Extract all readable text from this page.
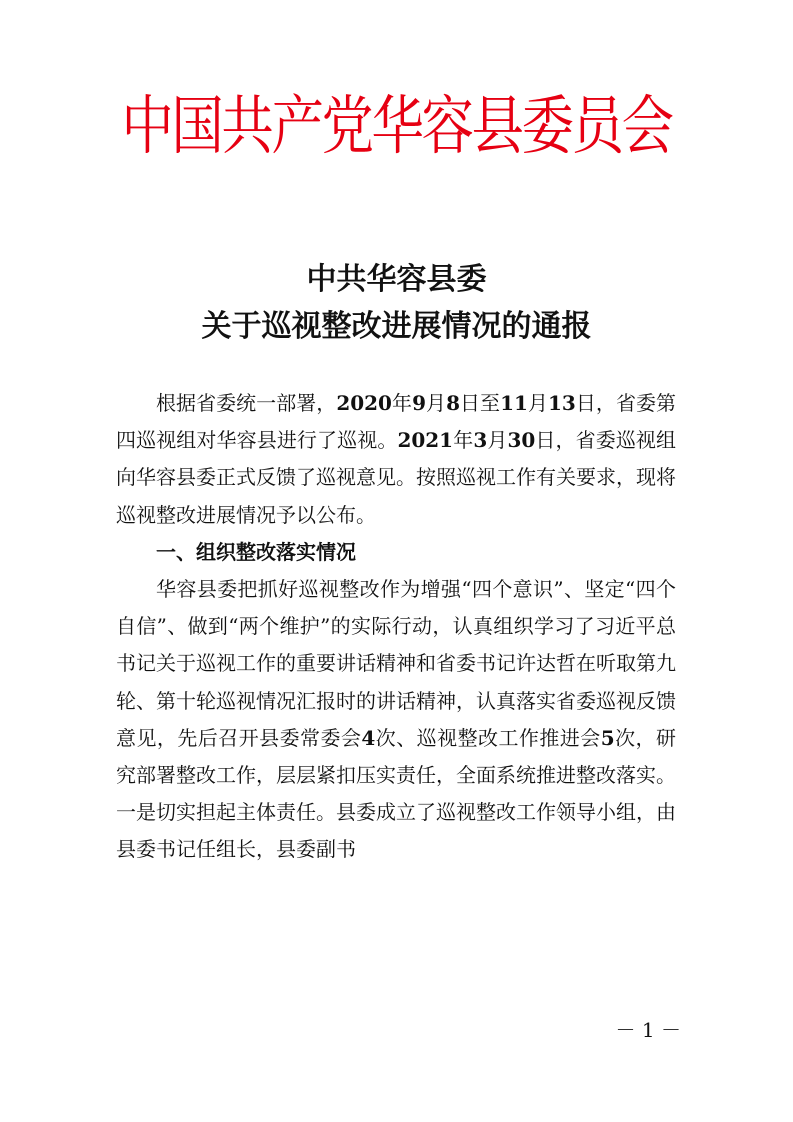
中国共产党华容县委员会
中共华容县委
关于巡视整改进展情况的通报

根据省委统一部署，2020年9月8日至11月13日，省委第四巡视组对华容县进行了巡视。2021年3月30日，省委巡视组向华容县委正式反馈了巡视意见。按照巡视工作有关要求，现将巡视整改进展情况予以公布。

一、组织整改落实情况

华容县委把抓好巡视整改作为增强“四个意识”、坚定“四个自信”、做到“两个维护”的实际行动，认真组织学习了习近平总书记关于巡视工作的重要讲话精神和省委书记许达哲在听取第九轮、第十轮巡视情况汇报时的讲话精神，认真落实省委巡视反馈意见，先后召开县委常委会4次、巡视整改工作推进会5次，研究部署整改工作，层层紧扣压实责任，全面系统推进整改落实。一是切实担起主体责任。县委成立了巡视整改工作领导小组，由县委书记任组长，县委副书

－ 1 －
